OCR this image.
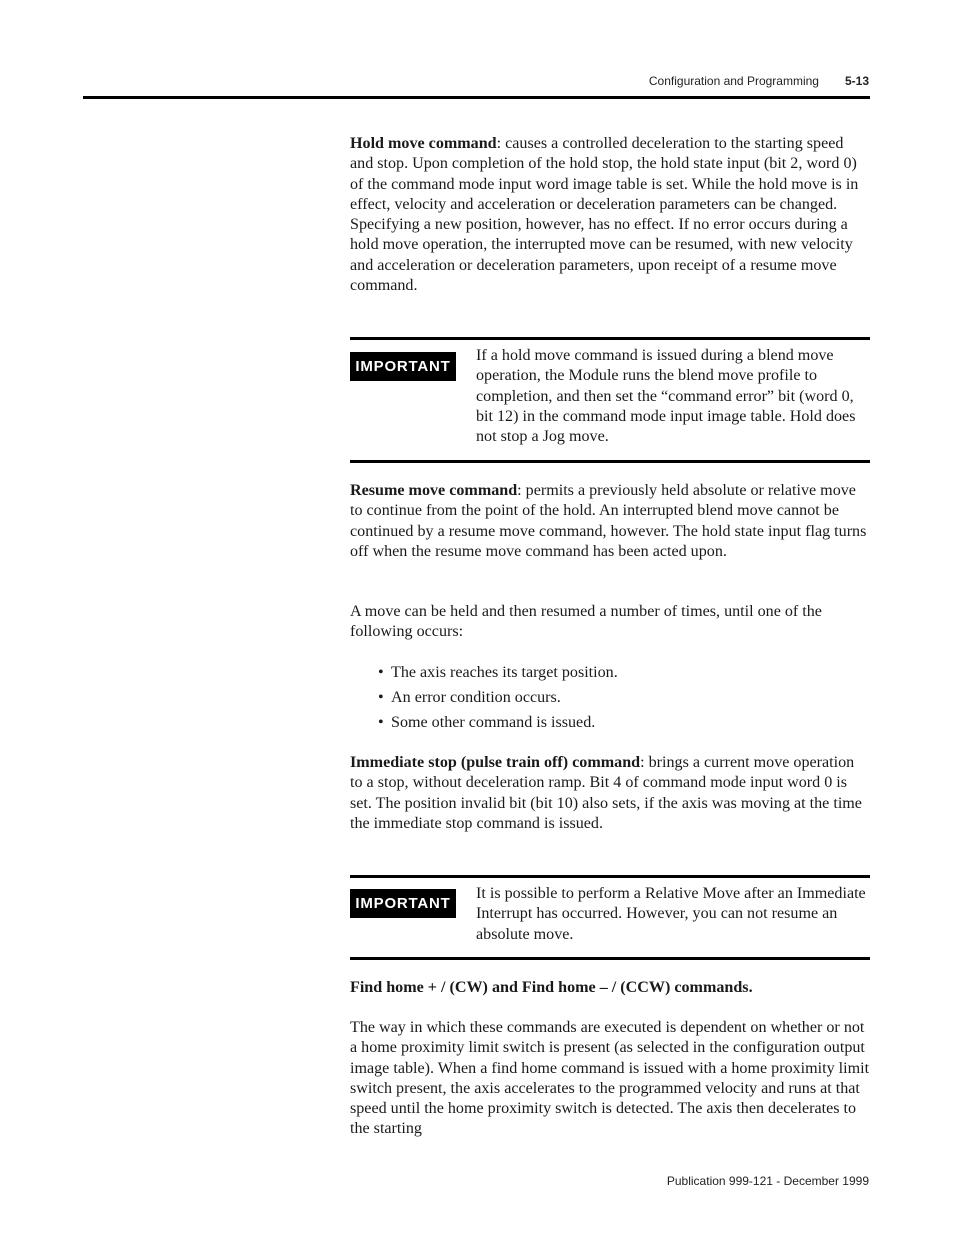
Configuration and Programming 5-13

Hold move command: causes a controlled deceleration to the starting speed and stop. Upon completion of the hold stop, the hold state input (bit 2, word 0) of the command mode input word image table is set. While the hold move is in effect, velocity and acceleration or deceleration parameters can be changed. Specifying a new position, however, has no effect. If no error occurs during a hold move operation, the interrupted move can be resumed, with new velocity and acceleration or deceleration parameters, upon receipt of a resume move command.

IMPORTANT

If a hold move command is issued during a blend move operation, the Module runs the blend move profile to completion, and then set the “command error” bit (word 0, bit 12) in the command mode input image table. Hold does not stop a Jog move.

Resume move command: permits a previously held absolute or relative move to continue from the point of the hold. An interrupted blend move cannot be continued by a resume move command, however. The hold state input flag turns off when the resume move command has been acted upon.

A move can be held and then resumed a number of times, until one of the following occurs:

• The axis reaches its target position.
• An error condition occurs.
• Some other command is issued.

Immediate stop (pulse train off) command: brings a current move operation to a stop, without deceleration ramp. Bit 4 of command mode input word 0 is set. The position invalid bit (bit 10) also sets, if the axis was moving at the time the immediate stop command is issued.

IMPORTANT

It is possible to perform a Relative Move after an Immediate Interrupt has occurred. However, you can not resume an absolute move.

Find home + / (CW) and Find home – / (CCW) commands.

The way in which these commands are executed is dependent on whether or not a home proximity limit switch is present (as selected in the configuration output image table). When a find home command is issued with a home proximity limit switch present, the axis accelerates to the programmed velocity and runs at that speed until the home proximity switch is detected. The axis then decelerates to the starting

Publication 999-121 - December 1999
